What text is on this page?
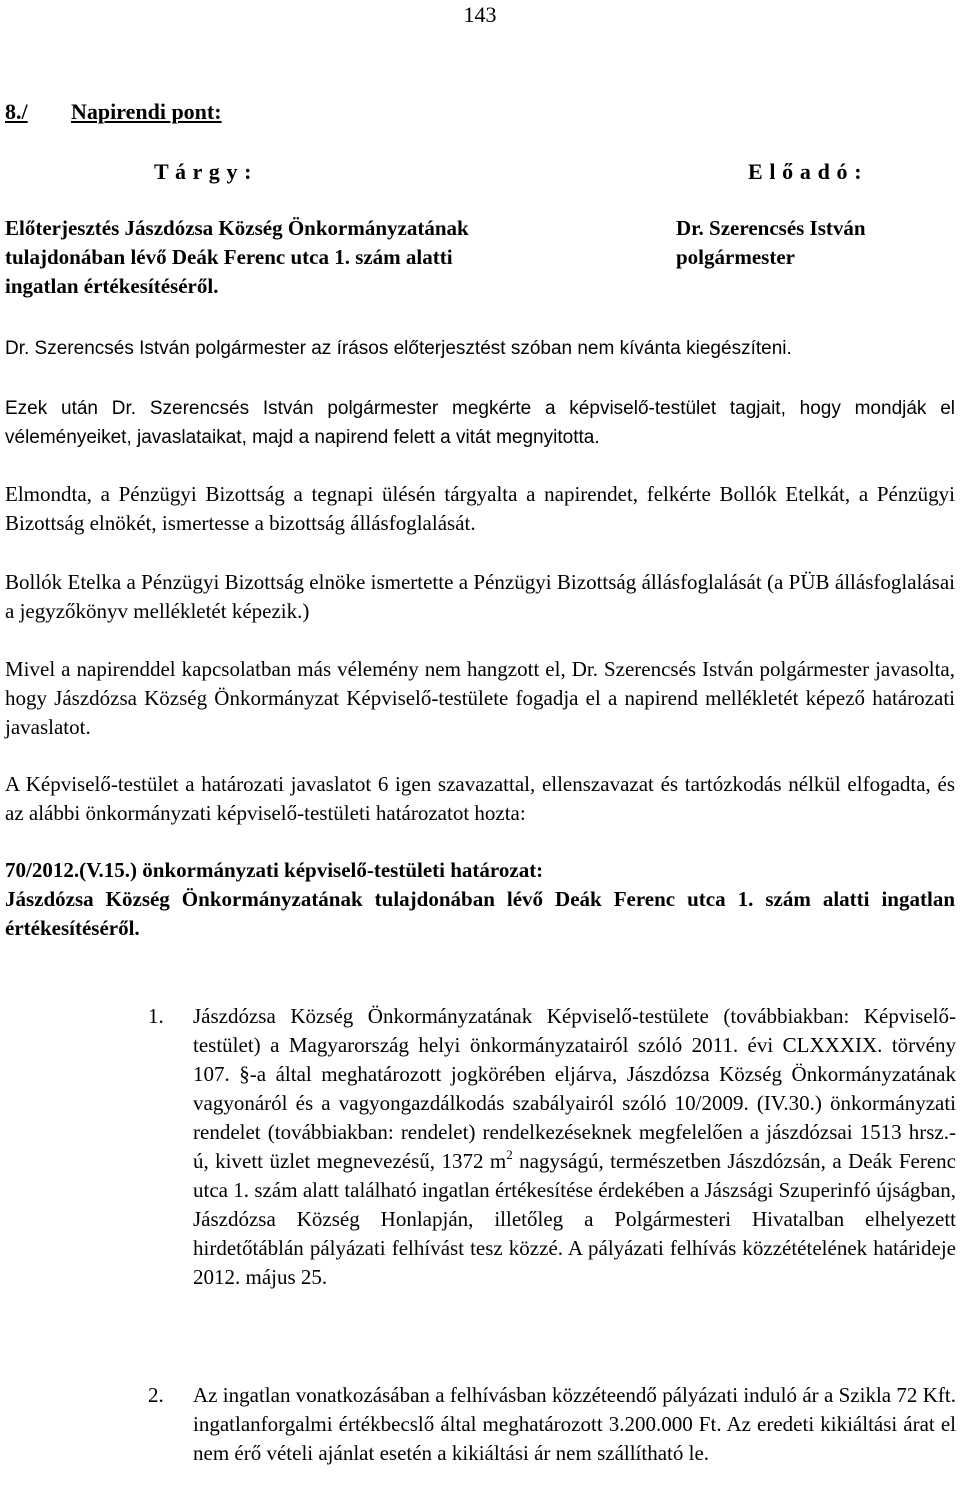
143
8./ Napirendi pont:
T á r g y :	E l ő a d ó :
Előterjesztés Jászdózsa Község Önkormányzatának
tulajdonában lévő Deák Ferenc utca 1. szám alatti
ingatlan értékesítéséről.
Dr. Szerencsés István
polgármester
Dr. Szerencsés István polgármester az írásos előterjesztést szóban nem kívánta kiegészíteni.
Ezek után Dr. Szerencsés István polgármester megkérte a képviselő-testület tagjait, hogy mondják el véleményeiket, javaslataikat, majd a napirend felett a vitát megnyitotta.
Elmondta, a Pénzügyi Bizottság a tegnapi ülésén tárgyalta a napirendet, felkérte Bollók Etelkát, a Pénzügyi Bizottság elnökét, ismertesse a bizottság állásfoglalását.
Bollók Etelka a Pénzügyi Bizottság elnöke ismertette a Pénzügyi Bizottság állásfoglalását (a PÜB állásfoglalásai a jegyzőkönyv mellékletét képezik.)
Mivel a napirenddel kapcsolatban más vélemény nem hangzott el, Dr. Szerencsés István polgármester javasolta, hogy Jászdózsa Község Önkormányzat Képviselő-testülete fogadja el a napirend mellékletét képező határozati javaslatot.
A Képviselő-testület a határozati javaslatot 6 igen szavazattal, ellenszavazat és tartózkodás nélkül elfogadta, és az alábbi önkormányzati képviselő-testületi határozatot hozta:
70/2012.(V.15.) önkormányzati képviselő-testületi határozat:
Jászdózsa Község Önkormányzatának tulajdonában lévő Deák Ferenc utca 1. szám alatti ingatlan értékesítéséről.
1.	Jászdózsa Község Önkormányzatának Képviselő-testülete (továbbiakban: Képviselő-testület) a Magyarország helyi önkormányzatairól szóló 2011. évi CLXXXIX. törvény 107. §-a által meghatározott jogkörében eljárva, Jászdózsa Község Önkormányzatának vagyonáról és a vagyongazdálkodás szabályairól szóló 10/2009. (IV.30.) önkormányzati rendelet (továbbiakban: rendelet) rendelkezéseknek megfelelően a jászdózsai 1513 hrsz.-ú, kivett üzlet megnevezésű, 1372 $m^2$ nagyságú, természetben Jászdózsán, a Deák Ferenc utca 1. szám alatt található ingatlan értékesítése érdekében a Jászsági Szuperinfó újságban, Jászdózsa Község Honlapján, illetőleg a Polgármesteri Hivatalban elhelyezett hirdetőtáblán pályázati felhívást tesz közzé. A pályázati felhívás közzétételének határideje 2012. május 25.
2.	Az ingatlan vonatkozásában a felhívásban közzéteendő pályázati induló ár a Szikla 72 Kft. ingatlanforgalmi értékbecslő által meghatározott 3.200.000 Ft. Az eredeti kikiáltási árat el nem érő vételi ajánlat esetén a kikiáltási ár nem szállítható le.
